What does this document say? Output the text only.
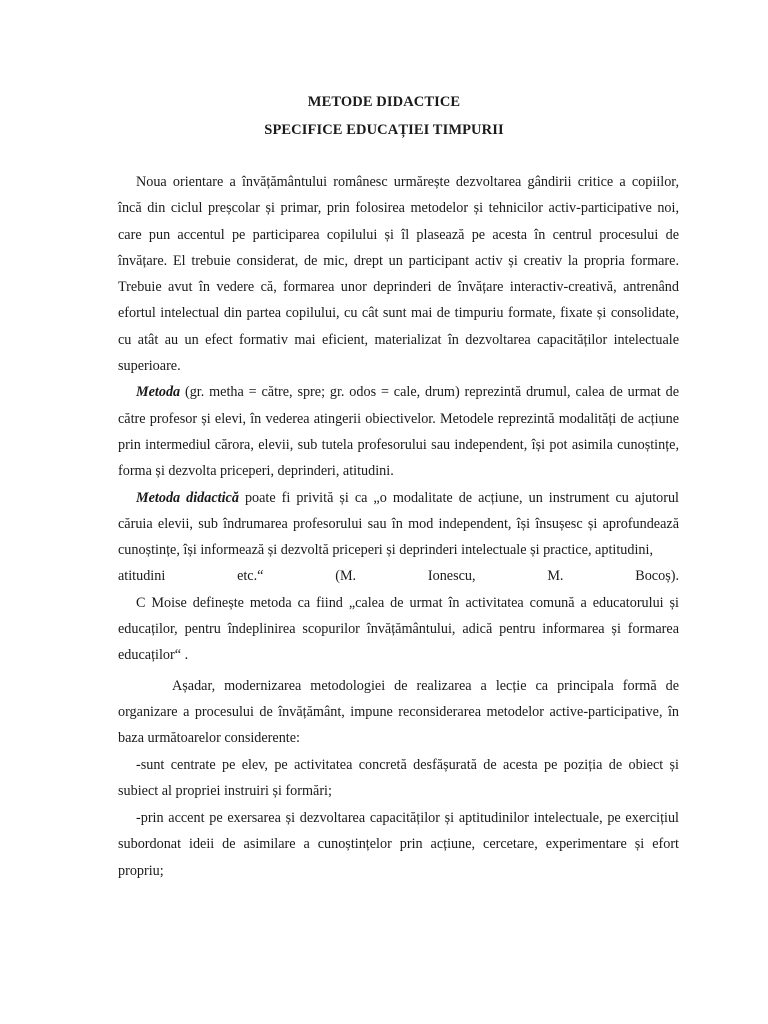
METODE DIDACTICE
SPECIFICE EDUCAȚIEI TIMPURII

Noua orientare a învățământului românesc urmărește dezvoltarea gândirii critice a copiilor, încă din ciclul preșcolar și primar, prin folosirea metodelor și tehnicilor activ-participative noi, care pun accentul pe participarea copilului și îl plasează pe acesta în centrul procesului de învățare. El trebuie considerat, de mic, drept un participant activ și creativ la propria formare. Trebuie avut în vedere că, formarea unor deprinderi de învățare interactiv-creativă, antrenând efortul intelectual din partea copilului, cu cât sunt mai de timpuriu formate, fixate și consolidate, cu atât au un efect formativ mai eficient, materializat în dezvoltarea capacităților intelectuale superioare.

Metoda (gr. metha = către, spre; gr. odos = cale, drum) reprezintă drumul, calea de urmat de către profesor și elevi, în vederea atingerii obiectivelor. Metodele reprezintă modalități de acțiune prin intermediul cărora, elevii, sub tutela profesorului sau independent, își pot asimila cunoștințe, forma și dezvolta priceperi, deprinderi, atitudini.

Metoda didactică poate fi privită și ca „o modalitate de acțiune, un instrument cu ajutorul căruia elevii, sub îndrumarea profesorului sau în mod independent, își însușesc și aprofundează cunoștințe, își informează și dezvoltă priceperi și deprinderi intelectuale și practice, aptitudini,

atitudini	etc.“	(M.	Ionescu,	M.	Bocoș).

C Moise definește metoda ca fiind „calea de urmat în activitatea comună a educatorului și educaților, pentru îndeplinirea scopurilor învățământului, adică pentru informarea și formarea educaților“ .

Așadar, modernizarea metodologiei de realizarea a lecție ca principala formă de organizare a procesului de învățământ, impune reconsiderarea metodelor active-participative, în baza următoarelor considerente:

-sunt centrate pe elev, pe activitatea concretă desfășurată de acesta pe poziția de obiect și subiect al propriei instruiri și formări;

-prin accent pe exersarea și dezvoltarea capacităților și aptitudinilor intelectuale, pe exercițiul subordonat ideii de asimilare a cunoștințelor prin acțiune, cercetare, experimentare și efort propriu;
